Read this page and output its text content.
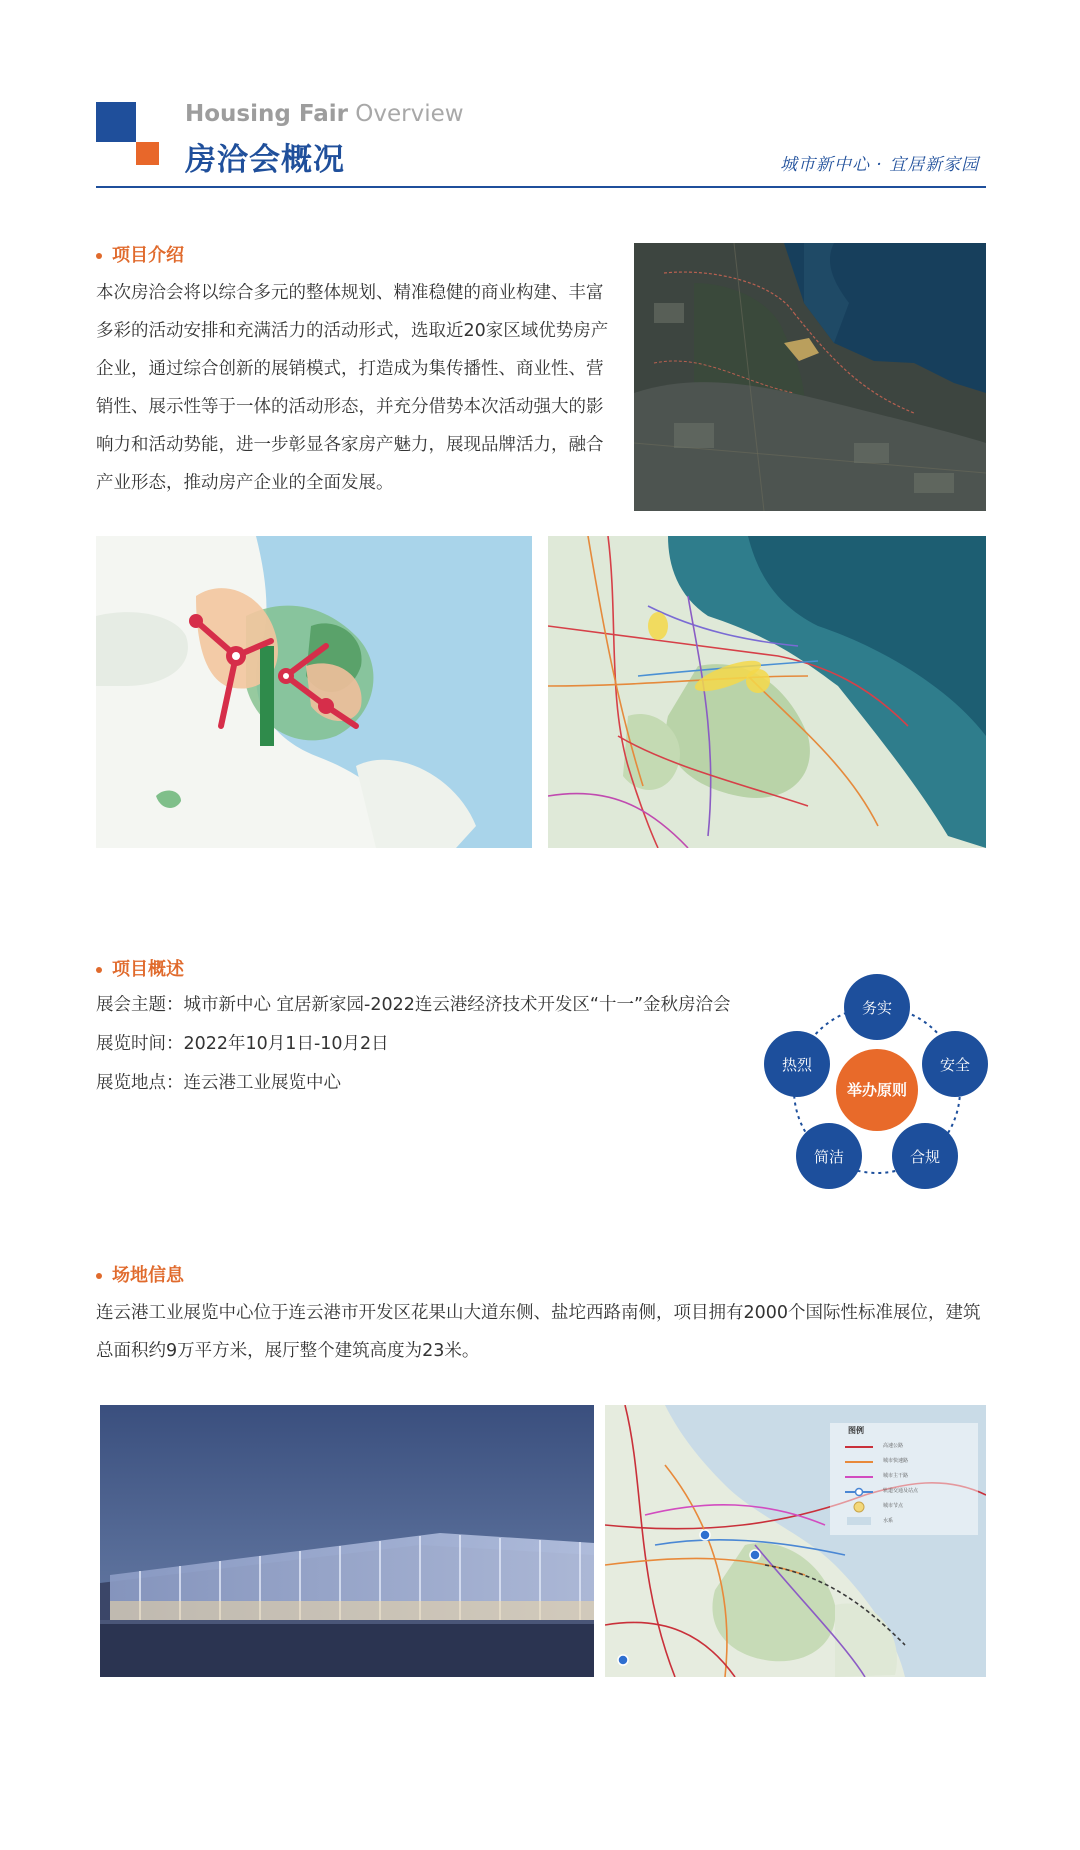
Housing Fair Overview
房洽会概况	城市新中心 · 宜居新家园
项目介绍
本次房洽会将以综合多元的整体规划、精准稳健的商业构建、丰富多彩的活动安排和充满活力的活动形式，选取近20家区域优势房产企业，通过综合创新的展销模式，打造成为集传播性、商业性、营销性、展示性等于一体的活动形态，并充分借势本次活动强大的影响力和活动势能，进一步彰显各家房产魅力，展现品牌活力，融合产业形态，推动房产企业的全面发展。
项目概述
展会主题：城市新中心 宜居新家园-2022连云港经济技术开发区“十一”金秋房洽会
展览时间：2022年10月1日-10月2日
展览地点：连云港工业展览中心	举办原则
务实
安全
合规
简洁
热烈
场地信息
连云港工业展览中心位于连云港市开发区花果山大道东侧、盐坨西路南侧，项目拥有2000个国际性标准展位，建筑总面积约9万平方米，展厅整个建筑高度为23米。
图例
高速公路
城市快速路
城市主干路
轨道交通及站点
城市节点
水系
